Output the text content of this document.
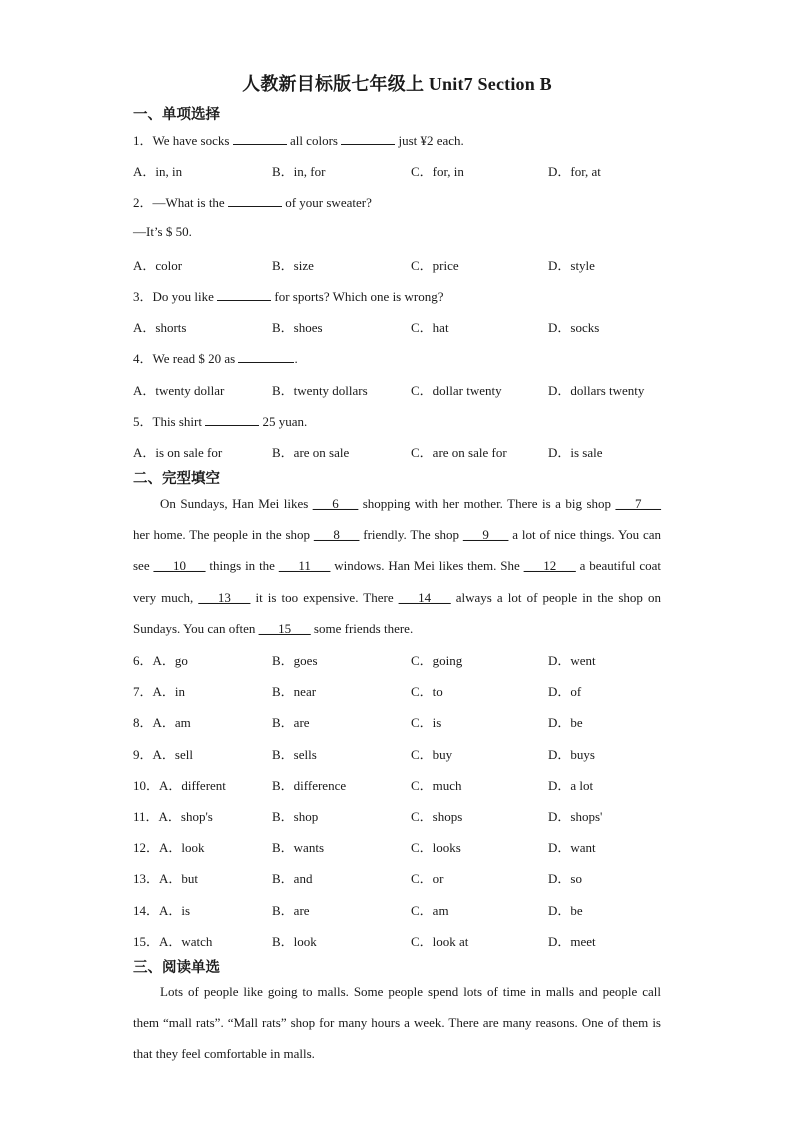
人教新目标版七年级上 Unit7 Section B
一、单项选择
1．We have socks	all colors	just ¥2 each.
A．in, in	B．in, for	C．for, in	D．for, at
2．—What is the	of your sweater?
—It’s $ 50.
A．color	B．size	C．price	D．style
3．Do you like	for sports? Which one is wrong?
A．shorts	B．shoes	C．hat	D．socks
4．We read $ 20 as	.
A．twenty dollar	B．twenty dollars	C．dollar twenty	D．dollars twenty
5．This shirt	25 yuan.
A．is on sale for	B．are on sale	C．are on sale for	D．is sale
二、完型填空
On Sundays, Han Mei likes ___6___ shopping with her mother. There is a big shop ___7___ her home. The people in the shop ___8___ friendly. The shop ___9___ a lot of nice things. You can see ___10___ things in the ___11___ windows. Han Mei likes them. She ___12___ a beautiful coat very much, ___13___ it is too expensive. There ___14___ always a lot of people in the shop on Sundays. You can often ___15___ some friends there.
6．A．go	B．goes	C．going	D．went
7．A．in	B．near	C．to	D．of
8．A．am	B．are	C．is	D．be
9．A．sell	B．sells	C．buy	D．buys
10．A．different	B．difference	C．much	D．a lot
11．A．shop's	B．shop	C．shops	D．shops'
12．A．look	B．wants	C．looks	D．want
13．A．but	B．and	C．or	D．so
14．A．is	B．are	C．am	D．be
15．A．watch	B．look	C．look at	D．meet
三、阅读单选
Lots of people like going to malls. Some people spend lots of time in malls and people call them “mall rats”. “Mall rats” shop for many hours a week. There are many reasons. One of them is that they feel comfortable in malls.
